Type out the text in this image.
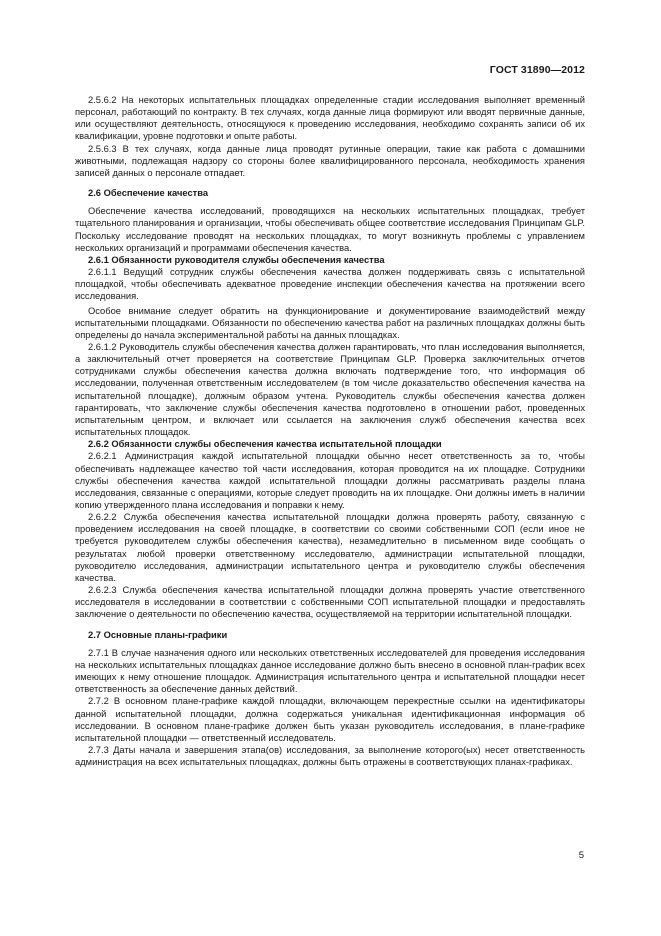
ГОСТ 31890—2012

2.5.6.2 На некоторых испытательных площадках определенные стадии исследования выполняет временный персонал, работающий по контракту. В тех случаях, когда данные лица формируют или вводят первичные данные, или осуществляют деятельность, относящуюся к проведению исследования, необходимо сохранять записи об их квалификации, уровне подготовки и опыте работы.

2.5.6.3 В тех случаях, когда данные лица проводят рутинные операции, такие как работа с домашними животными, подлежащая надзору со стороны более квалифицированного персонала, необходимость хранения записей данных о персонале отпадает.

2.6 Обеспечение качества

Обеспечение качества исследований, проводящихся на нескольких испытательных площадках, требует тщательного планирования и организации, чтобы обеспечивать общее соответствие исследования Принципам GLP. Поскольку исследование проводят на нескольких площадках, то могут возникнуть проблемы с управлением нескольких организаций и программами обеспечения качества.

2.6.1 Обязанности руководителя службы обеспечения качества

2.6.1.1 Ведущий сотрудник службы обеспечения качества должен поддерживать связь с испытательной площадкой, чтобы обеспечивать адекватное проведение инспекции обеспечения качества на протяжении всего исследования.

Особое внимание следует обратить на функционирование и документирование взаимодействий между испытательными площадками. Обязанности по обеспечению качества работ на различных площадках должны быть определены до начала экспериментальной работы на данных площадках.

2.6.1.2 Руководитель службы обеспечения качества должен гарантировать, что план исследования выполняется, а заключительный отчет проверяется на соответствие Принципам GLP. Проверка заключительных отчетов сотрудниками службы обеспечения качества должна включать подтверждение того, что информация об исследовании, полученная ответственным исследователем (в том числе доказательство обеспечения качества на испытательной площадке), должным образом учтена. Руководитель службы обеспечения качества должен гарантировать, что заключение службы обеспечения качества подготовлено в отношении работ, проведенных испытательным центром, и включает или ссылается на заключения служб обеспечения качества всех испытательных площадок.

2.6.2 Обязанности службы обеспечения качества испытательной площадки

2.6.2.1 Администрация каждой испытательной площадки обычно несет ответственность за то, чтобы обеспечивать надлежащее качество той части исследования, которая проводится на их площадке. Сотрудники службы обеспечения качества каждой испытательной площадки должны рассматривать разделы плана исследования, связанные с операциями, которые следует проводить на их площадке. Они должны иметь в наличии копию утвержденного плана исследования и поправки к нему.

2.6.2.2 Служба обеспечения качества испытательной площадки должна проверять работу, связанную с проведением исследования на своей площадке, в соответствии со своими собственными СОП (если иное не требуется руководителем службы обеспечения качества), незамедлительно в письменном виде сообщать о результатах любой проверки ответственному исследователю, администрации испытательной площадки, руководителю исследования, администрации испытательного центра и руководителю службы обеспечения качества.

2.6.2.3 Служба обеспечения качества испытательной площадки должна проверять участие ответственного исследователя в исследовании в соответствии с собственными СОП испытательной площадки и предоставлять заключение о деятельности по обеспечению качества, осуществляемой на территории испытательной площадки.

2.7 Основные планы-графики

2.7.1 В случае назначения одного или нескольких ответственных исследователей для проведения исследования на нескольких испытательных площадках данное исследование должно быть внесено в основной план-график всех имеющих к нему отношение площадок. Администрация испытательного центра и испытательной площадки несет ответственность за обеспечение данных действий.

2.7.2 В основном плане-графике каждой площадки, включающем перекрестные ссылки на идентификаторы данной испытательной площадки, должна содержаться уникальная идентификационная информация об исследовании. В основном плане-графике должен быть указан руководитель исследования, в плане-графике испытательной площадки — ответственный исследователь.

2.7.3 Даты начала и завершения этапа(ов) исследования, за выполнение которого(ых) несет ответственность администрация на всех испытательных площадках, должны быть отражены в соответствующих планах-графиках.

5
